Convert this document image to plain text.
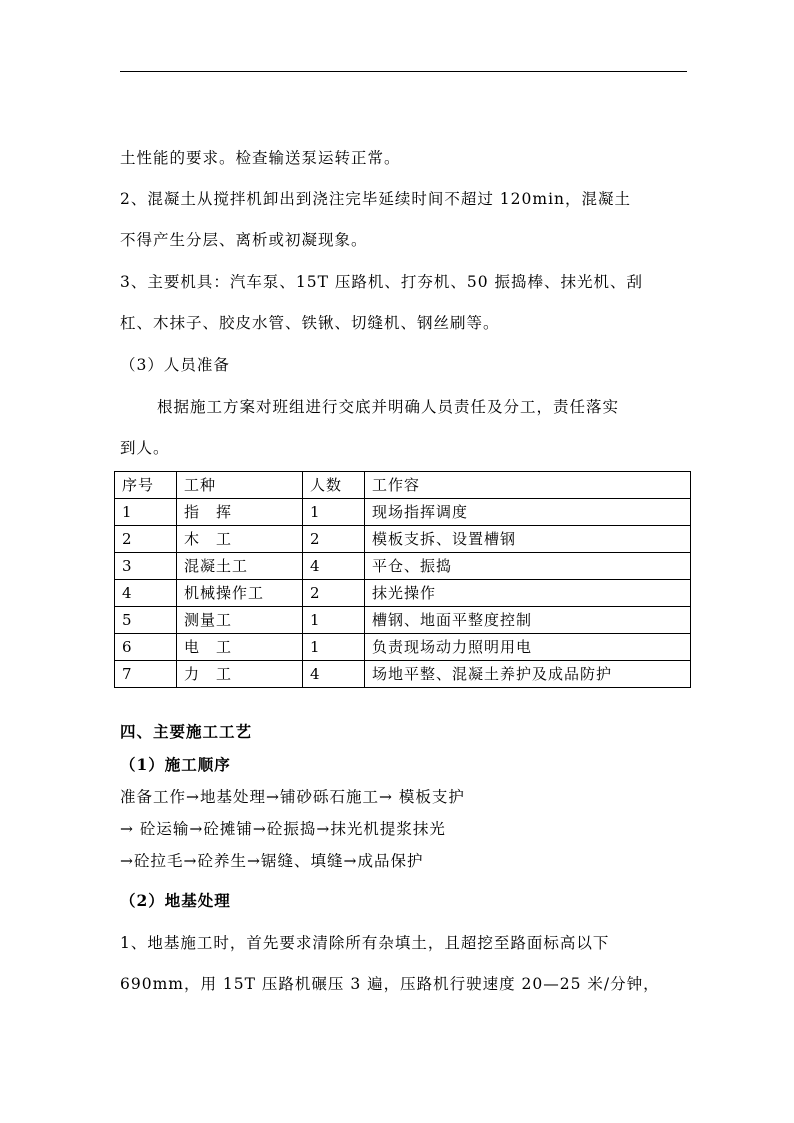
土性能的要求。检查输送泵运转正常。
2、混凝土从搅拌机卸出到浇注完毕延续时间不超过 120min，混凝土
不得产生分层、离析或初凝现象。
3、主要机具：汽车泵、15T 压路机、打夯机、50 振捣棒、抹光机、刮
杠、木抹子、胶皮水管、铁锹、切缝机、钢丝刷等。
（3）人员准备
根据施工方案对班组进行交底并明确人员责任及分工，责任落实
到人。
序号	工种	人数	工作容
1	指　挥	1	现场指挥调度
2	木　工	2	模板支拆、设置槽钢
3	混凝土工	4	平仓、振捣
4	机械操作工	2	抹光操作
5	测量工	1	槽钢、地面平整度控制
6	电　工	1	负责现场动力照明用电
7	力　工	4	场地平整、混凝土养护及成品防护
四、主要施工工艺
（1）施工顺序
准备工作→地基处理→铺砂砾石施工→ 模板支护
→ 砼运输→砼摊铺→砼振捣→抹光机提浆抹光
→砼拉毛→砼养生→锯缝、填缝→成品保护
（2）地基处理
1、地基施工时，首先要求清除所有杂填土，且超挖至路面标高以下
690mm，用 15T 压路机碾压 3 遍，压路机行驶速度 20—25 米/分钟，
